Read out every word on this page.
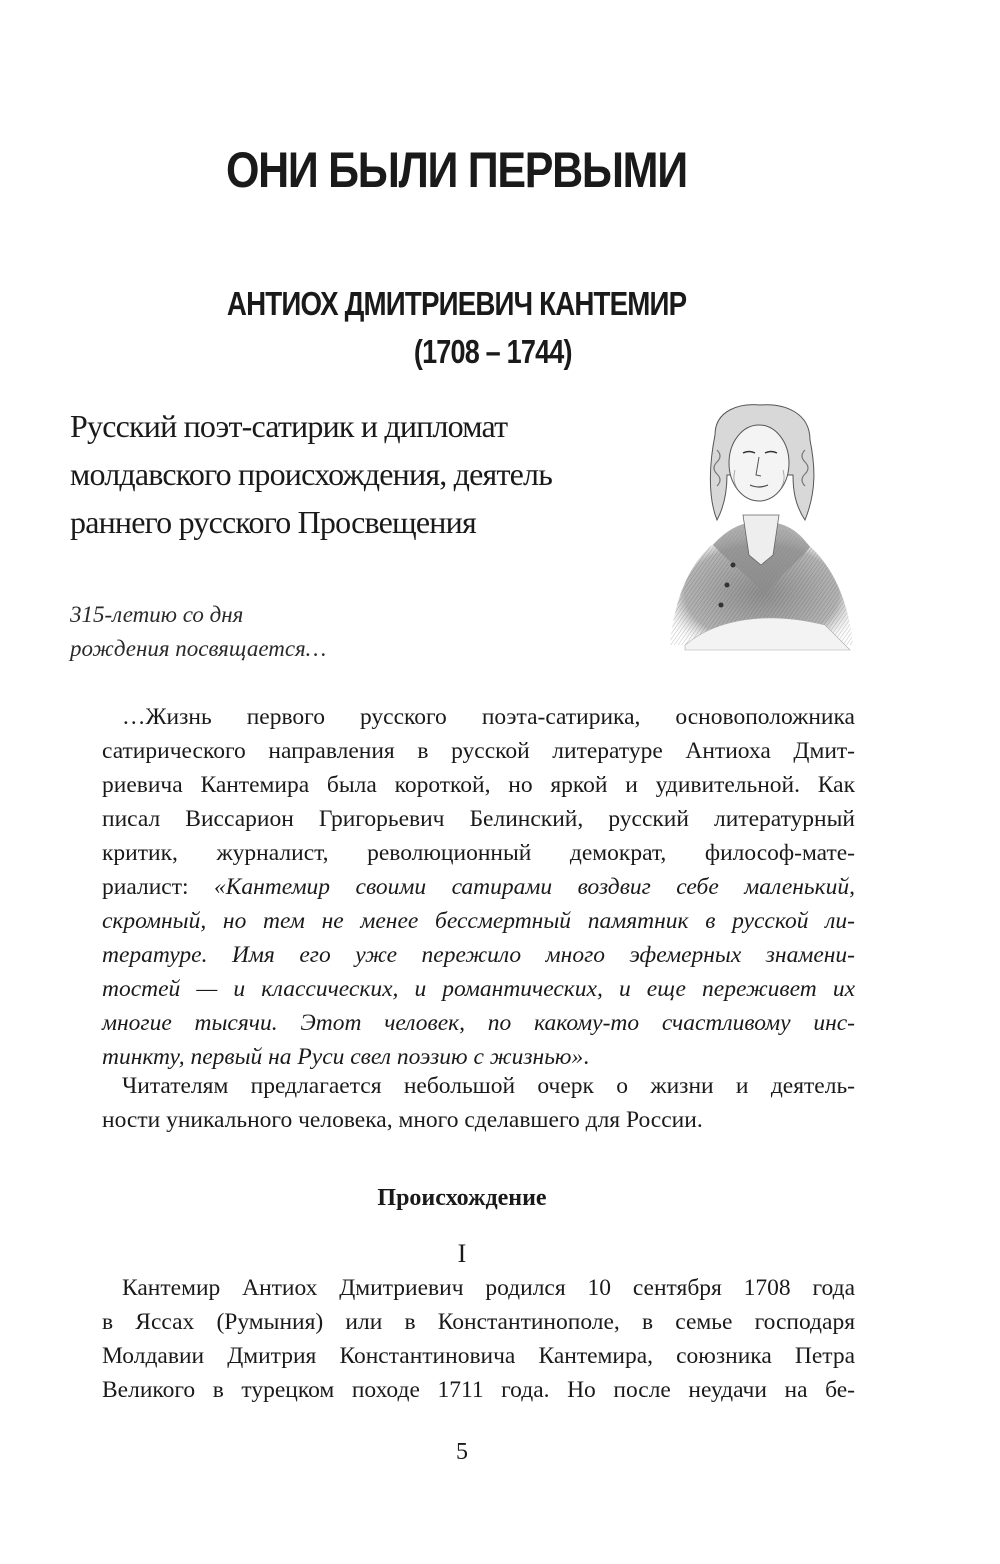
ОНИ БЫЛИ ПЕРВЫМИ
АНТИОХ ДМИТРИЕВИЧ КАНТЕМИР
(1708 – 1744)
Русский поэт-сатирик и дипломат
молдавского происхождения, деятель
раннего русского Просвещения
315-летию со дня
рождения посвящается…
…Жизнь первого русского поэта-сатирика, основоположника
сатирического направления в русской литературе Антиоха Дмит-
риевича Кантемира была короткой, но яркой и удивительной. Как
писал Виссарион Григорьевич Белинский, русский литературный
критик, журналист, революционный демократ, философ-мате-
риалист: «Кантемир своими сатирами воздвиг себе маленький,
скромный, но тем не менее бессмертный памятник в русской ли-
тературе. Имя его уже пережило много эфемерных знамени-
тостей — и классических, и романтических, и еще переживет их
многие тысячи. Этот человек, по какому-то счастливому инс-
тинкту, первый на Руси свел поэзию с жизнью».
Читателям предлагается небольшой очерк о жизни и деятель-
ности уникального человека, много сделавшего для России.
Происхождение
I
Кантемир Антиох Дмитриевич родился 10 сентября 1708 года
в Яссах (Румыния) или в Константинополе, в семье господаря
Молдавии Дмитрия Константиновича Кантемира, союзника Петра
Великого в турецком походе 1711 года. Но после неудачи на бе-
5
